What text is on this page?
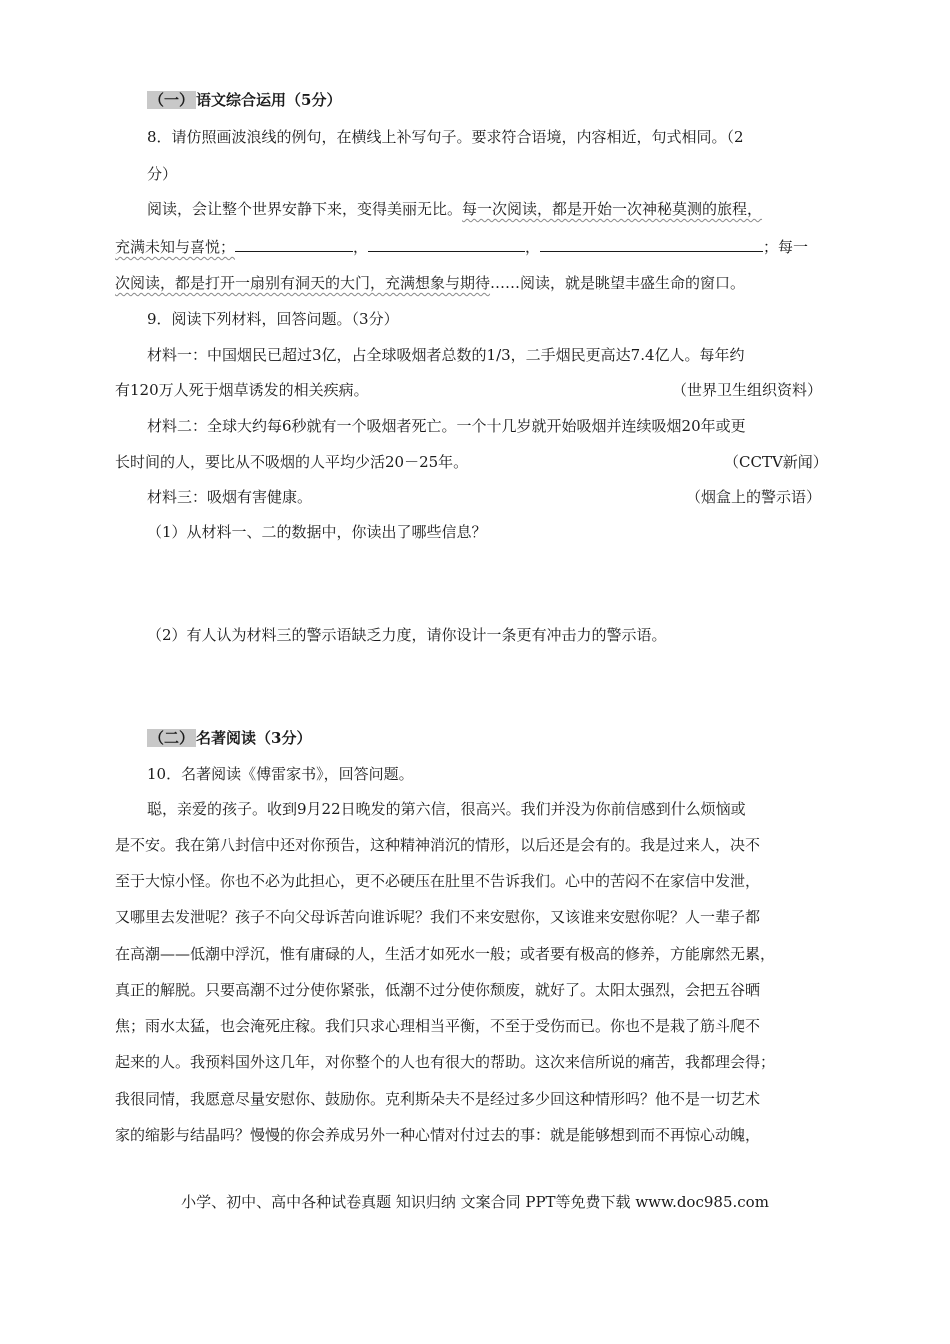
（一） 语文综合运用（5分）
8．请仿照画波浪线的例句，在横线上补写句子。要求符合语境，内容相近，句式相同。（2
分）
阅读，会让整个世界安静下来，变得美丽无比。每一次阅读，都是开始一次神秘莫测的旅程，
充满未知与喜悦；	，	，	；每一
次阅读，都是打开一扇别有洞天的大门，充满想象与期待……阅读，就是眺望丰盛生命的窗口。
9．阅读下列材料，回答问题。（3分）
材料一：中国烟民已超过3亿，占全球吸烟者总数的1/3，二手烟民更高达7.4亿人。每年约
有120万人死于烟草诱发的相关疾病。	（世界卫生组织资料）
材料二：全球大约每6秒就有一个吸烟者死亡。一个十几岁就开始吸烟并连续吸烟20年或更
长时间的人，要比从不吸烟的人平均少活20－25年。	（CCTV新闻）
材料三：吸烟有害健康。	（烟盒上的警示语）
（1）从材料一、二的数据中，你读出了哪些信息？
（2）有人认为材料三的警示语缺乏力度，请你设计一条更有冲击力的警示语。
（二） 名著阅读（3分）
10．名著阅读《傅雷家书》，回答问题。
聪，亲爱的孩子。收到9月22日晚发的第六信，很高兴。我们并没为你前信感到什么烦恼或
是不安。我在第八封信中还对你预告，这种精神消沉的情形，以后还是会有的。我是过来人，决不
至于大惊小怪。你也不必为此担心，更不必硬压在肚里不告诉我们。心中的苦闷不在家信中发泄，
又哪里去发泄呢？孩子不向父母诉苦向谁诉呢？我们不来安慰你，又该谁来安慰你呢？人一辈子都
在高潮——低潮中浮沉，惟有庸碌的人，生活才如死水一般；或者要有极高的修养，方能廓然无累，
真正的解脱。只要高潮不过分使你紧张，低潮不过分使你颓废，就好了。太阳太强烈，会把五谷晒
焦；雨水太猛，也会淹死庄稼。我们只求心理相当平衡，不至于受伤而已。你也不是栽了筋斗爬不
起来的人。我预料国外这几年，对你整个的人也有很大的帮助。这次来信所说的痛苦，我都理会得；
我很同情，我愿意尽量安慰你、鼓励你。克利斯朵夫不是经过多少回这种情形吗？他不是一切艺术
家的缩影与结晶吗？慢慢的你会养成另外一种心情对付过去的事：就是能够想到而不再惊心动魄，
小学、初中、高中各种试卷真题 知识归纳 文案合同 PPT等免费下载 www.doc985.com
